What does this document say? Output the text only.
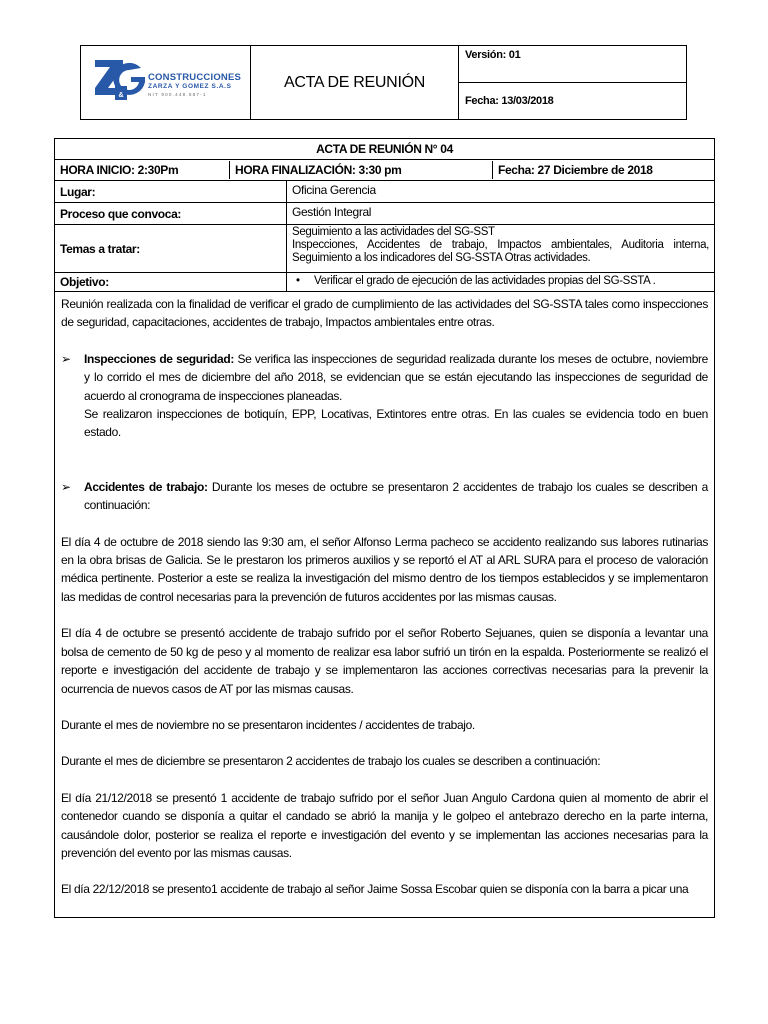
&
CONSTRUCCIONES
ZARZA Y GOMEZ S.A.S
NIT 900.448.687-1
ACTA DE REUNIÓN
Versión: 01
Fecha: 13/03/2018
ACTA DE REUNIÓN N° 04
HORA INICIO: 2:30Pm	HORA FINALIZACIÓN: 3:30 pm	Fecha: 27 Diciembre de 2018
Lugar:	Oficina Gerencia
Proceso que convoca:	Gestión Integral
Temas a tratar:
Seguimiento a las actividades del SG-SST
Inspecciones, Accidentes de trabajo, Impactos ambientales, Auditoria interna, Seguimiento a los indicadores del SG-SSTA Otras actividades.
Objetivo:	• Verificar el grado de ejecución de las actividades propias del SG-SSTA .

Reunión realizada con la finalidad de verificar el grado de cumplimiento de las actividades del SG-SSTA tales como inspecciones de seguridad, capacitaciones, accidentes de trabajo, Impactos ambientales entre otras.

➢	Inspecciones de seguridad: Se verifica las inspecciones de seguridad realizada durante los meses de octubre, noviembre y lo corrido el mes de diciembre del año 2018, se evidencian que se están ejecutando las inspecciones de seguridad de acuerdo al cronograma de inspecciones planeadas.

Se realizaron inspecciones de botiquín, EPP, Locativas, Extintores entre otras. En las cuales se evidencia todo en buen estado.

➢	Accidentes de trabajo: Durante los meses de octubre se presentaron 2 accidentes de trabajo los cuales se describen a continuación:

El día 4 de octubre de 2018 siendo las 9:30 am, el señor Alfonso Lerma pacheco se accidento realizando sus labores rutinarias en la obra brisas de Galicia. Se le prestaron los primeros auxilios y se reportó el AT al ARL SURA para el proceso de valoración médica pertinente. Posterior a este se realiza la investigación del mismo dentro de los tiempos establecidos y se implementaron las medidas de control necesarias para la prevención de futuros accidentes por las mismas causas.

El día 4 de octubre se presentó accidente de trabajo sufrido por el señor Roberto Sejuanes, quien se disponía a levantar una bolsa de cemento de 50 kg de peso y al momento de realizar esa labor sufrió un tirón en la espalda. Posteriormente se realizó el reporte e investigación del accidente de trabajo y se implementaron las acciones correctivas necesarias para la prevenir la ocurrencia de nuevos casos de AT por las mismas causas.

Durante el mes de noviembre no se presentaron incidentes / accidentes de trabajo.

Durante el mes de diciembre se presentaron 2 accidentes de trabajo los cuales se describen a continuación:

El día 21/12/2018 se presentó 1 accidente de trabajo sufrido por el señor Juan Angulo Cardona quien al momento de abrir el contenedor cuando se disponía a quitar el candado se abrió la manija y le golpeo el antebrazo derecho en la parte interna, causándole dolor, posterior se realiza el reporte e investigación del evento y se implementan las acciones necesarias para la prevención del evento por las mismas causas.

El día 22/12/2018 se presento1 accidente de trabajo al señor Jaime Sossa Escobar quien se disponía con la barra a picar una
